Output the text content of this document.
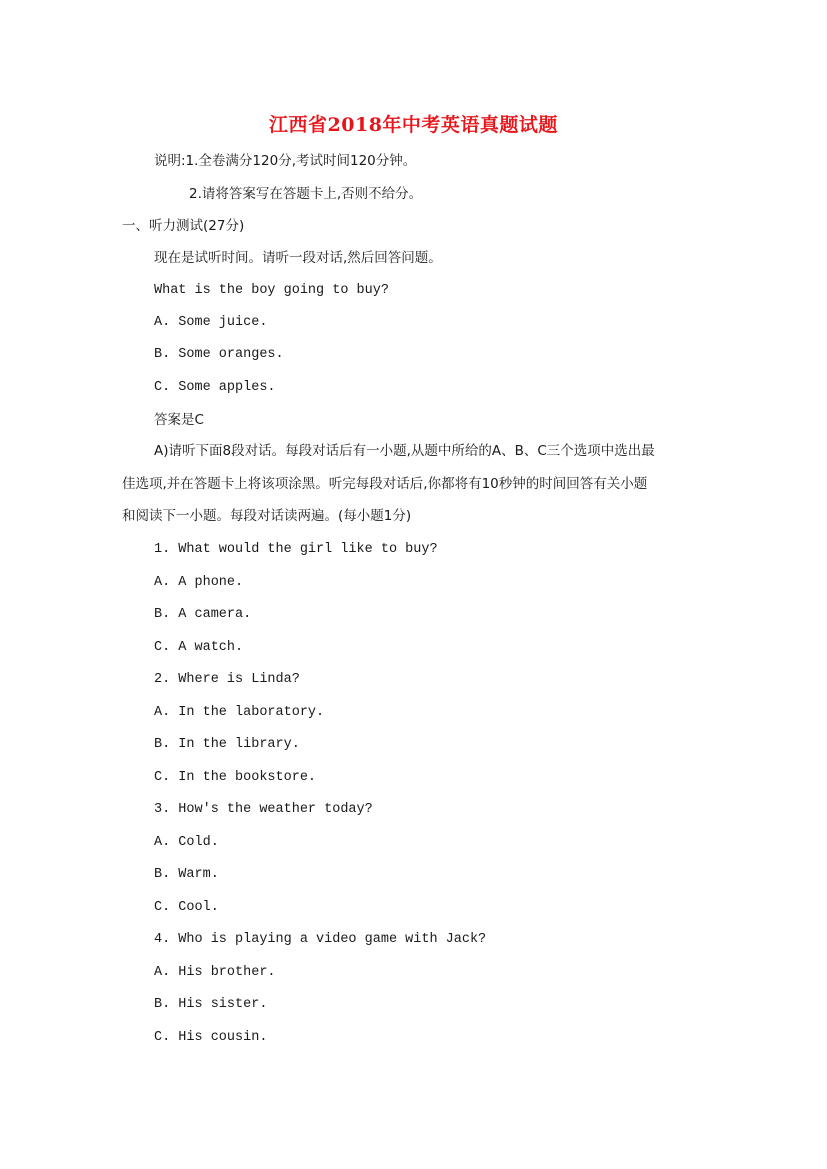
江西省2018年中考英语真题试题
说明:1.全卷满分120分,考试时间120分钟。
2.请将答案写在答题卡上,否则不给分。
一、听力测试(27分)
现在是试听时间。请听一段对话,然后回答问题。
What is the boy going to buy?
A. Some juice.
B. Some oranges.
C. Some apples.
答案是C
A)请听下面8段对话。每段对话后有一小题,从题中所给的A、B、C三个选项中选出最
佳选项,并在答题卡上将该项涂黑。听完每段对话后,你都将有10秒钟的时间回答有关小题
和阅读下一小题。每段对话读两遍。(每小题1分)
1. What would the girl like to buy?
A. A phone.
B. A camera.
C. A watch.
2. Where is Linda?
A. In the laboratory.
B. In the library.
C. In the bookstore.
3. How's the weather today?
A. Cold.
B. Warm.
C. Cool.
4. Who is playing a video game with Jack?
A. His brother.
B. His sister.
C. His cousin.
